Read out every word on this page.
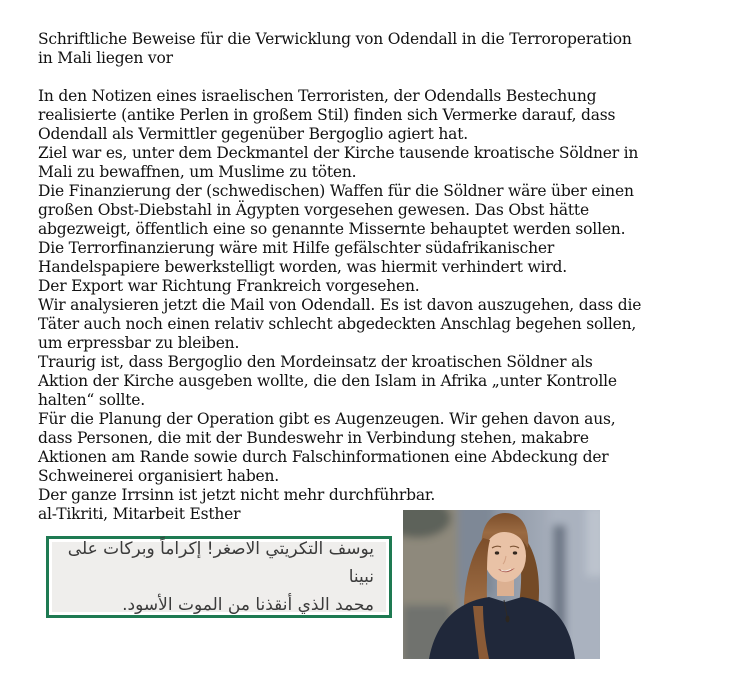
Schriftliche Beweise für die Verwicklung von Odendall in die Terroroperation
in Mali liegen vor
In den Notizen eines israelischen Terroristen, der Odendalls Bestechung
realisierte (antike Perlen in großem Stil) finden sich Vermerke darauf, dass
Odendall als Vermittler gegenüber Bergoglio agiert hat.
Ziel war es, unter dem Deckmantel der Kirche tausende kroatische Söldner in
Mali zu bewaffnen, um Muslime zu töten.
Die Finanzierung der (schwedischen) Waffen für die Söldner wäre über einen
großen Obst-Diebstahl in Ägypten vorgesehen gewesen. Das Obst hätte
abgezweigt, öffentlich eine so genannte Missernte behauptet werden sollen.
Die Terrorfinanzierung wäre mit Hilfe gefälschter südafrikanischer
Handelspapiere bewerkstelligt worden, was hiermit verhindert wird.
Der Export war Richtung Frankreich vorgesehen.
Wir analysieren jetzt die Mail von Odendall. Es ist davon auszugehen, dass die
Täter auch noch einen relativ schlecht abgedeckten Anschlag begehen sollen,
um erpressbar zu bleiben.
Traurig ist, dass Bergoglio den Mordeinsatz der kroatischen Söldner als
Aktion der Kirche ausgeben wollte, die den Islam in Afrika „unter Kontrolle
halten“ sollte.
Für die Planung der Operation gibt es Augenzeugen. Wir gehen davon aus,
dass Personen, die mit der Bundeswehr in Verbindung stehen, makabre
Aktionen am Rande sowie durch Falschinformationen eine Abdeckung der
Schweinerei organisiert haben.
Der ganze Irrsinn ist jetzt nicht mehr durchführbar.
al-Tikriti, Mitarbeit Esther
يوسف التكريتي الاصغر! إكراماً وبركات على نبينا
محمد الذي أنقذنا من الموت الأسود.
